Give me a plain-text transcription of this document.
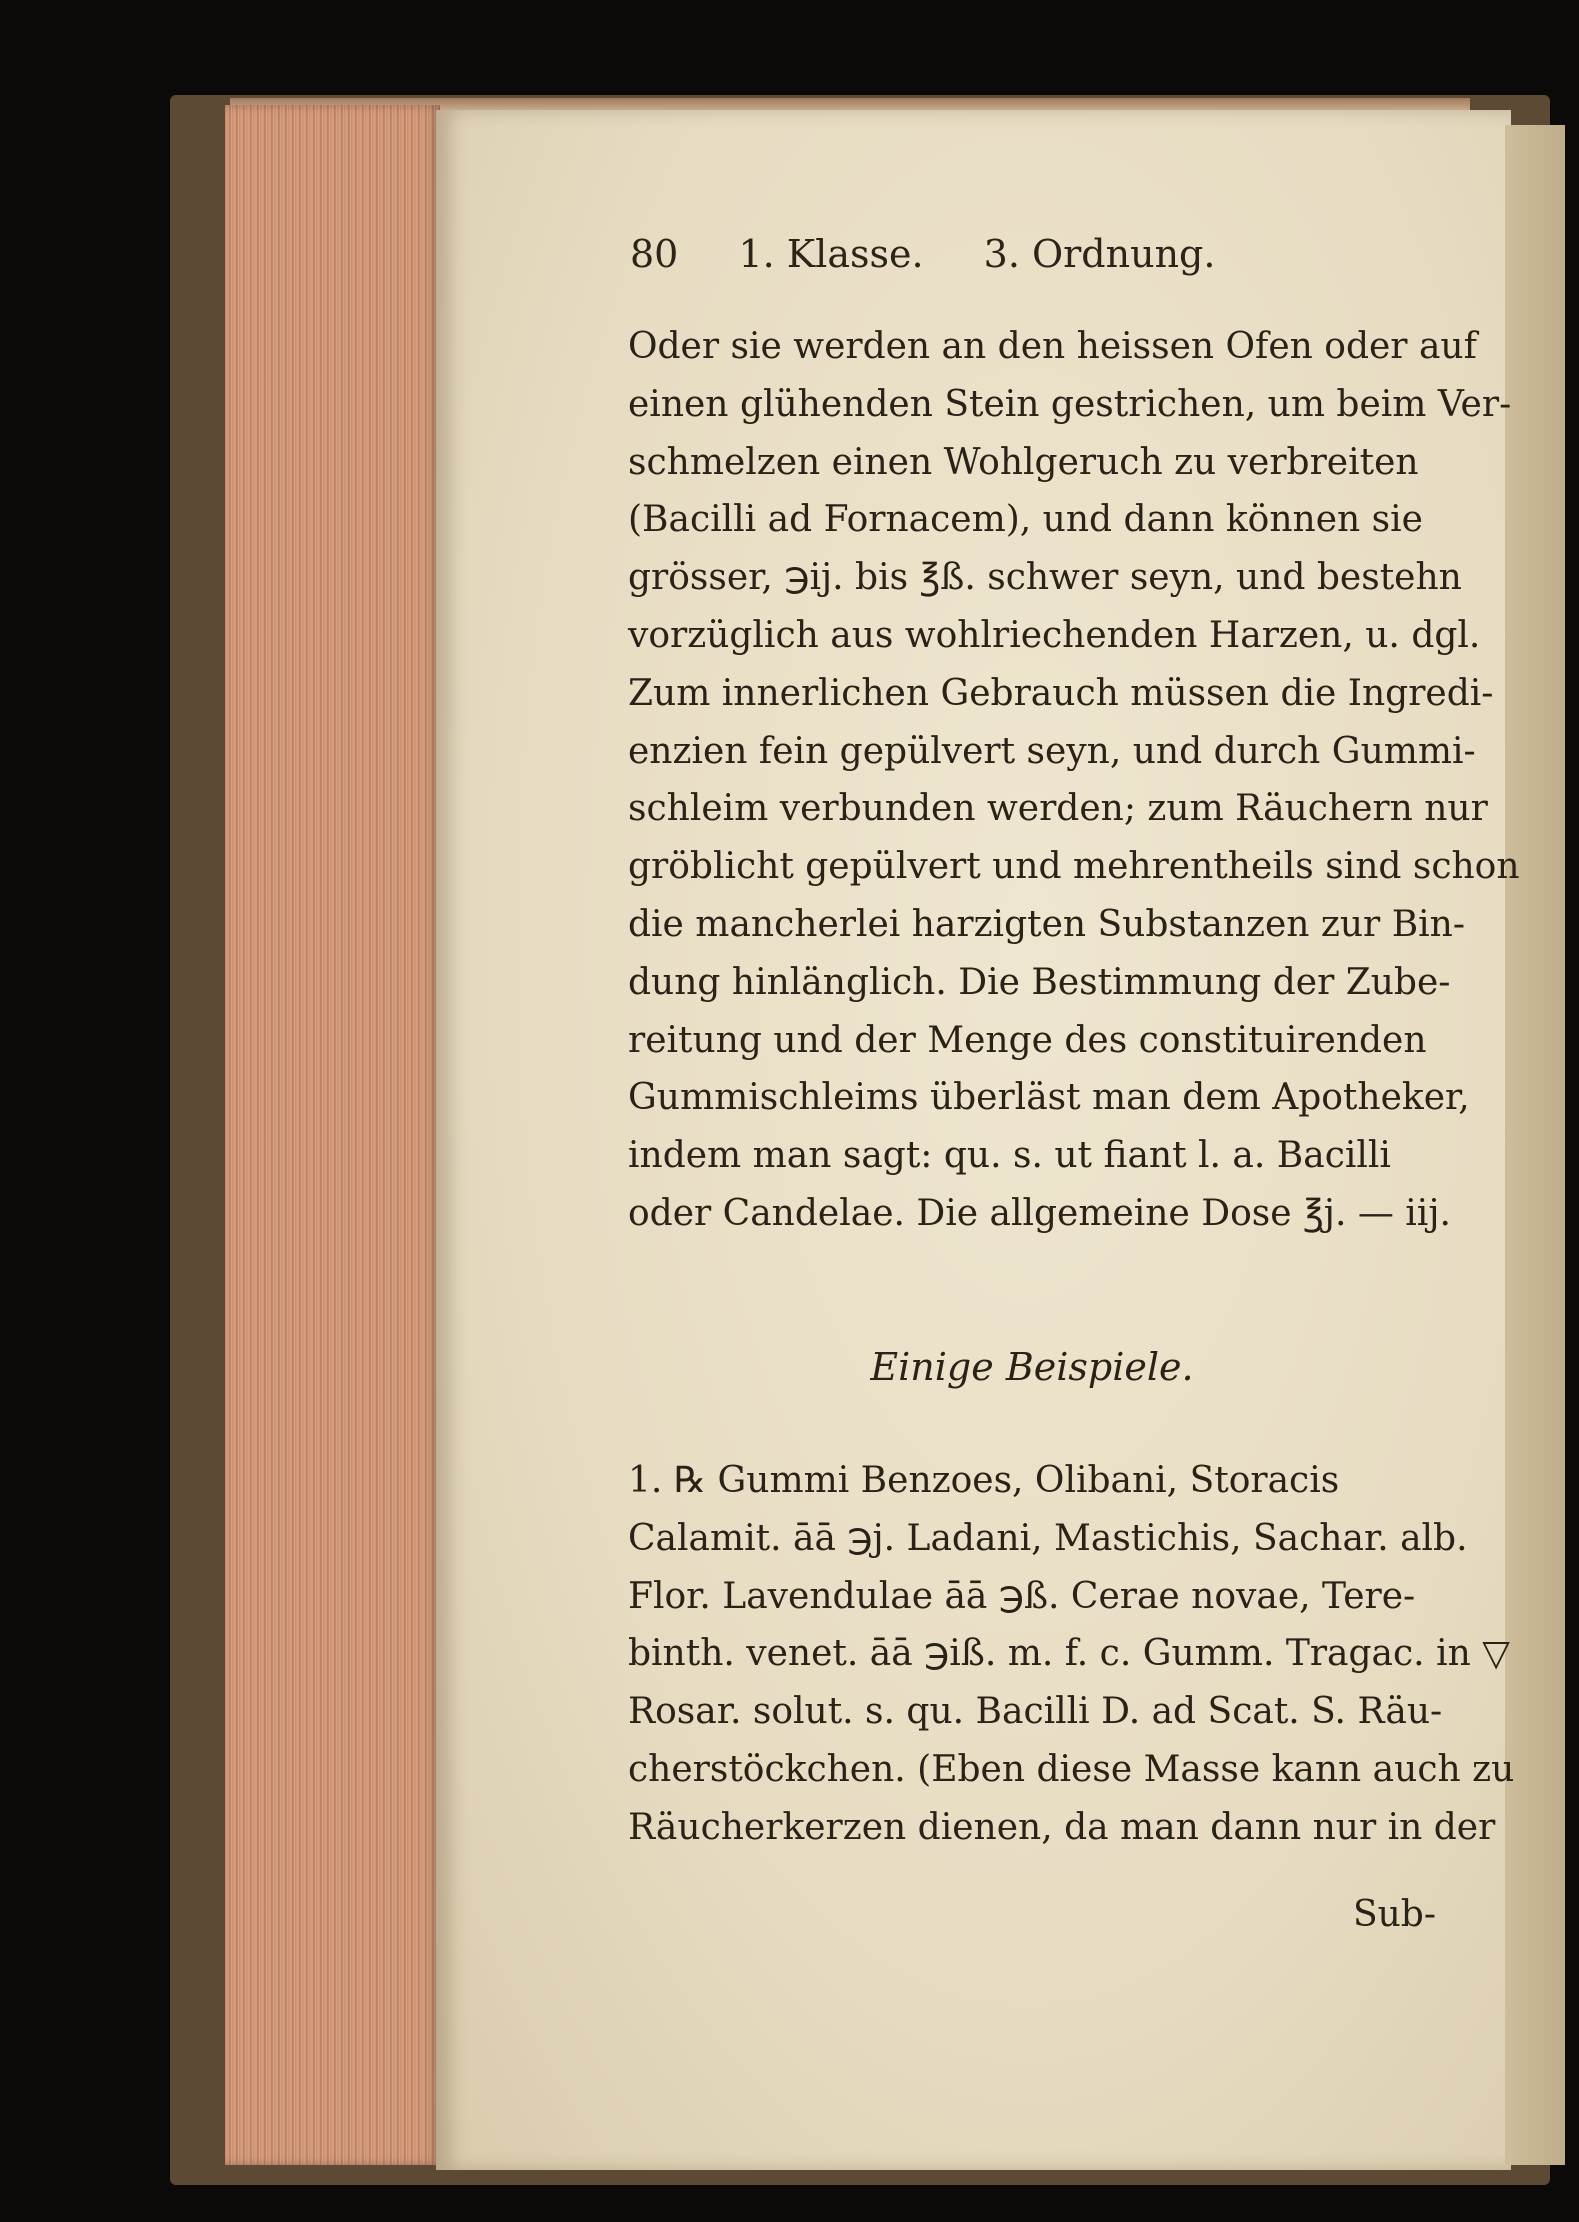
80 1. Klasse. 3. Ordnung.
Oder sie werden an den heissen Ofen oder auf
einen glühenden Stein gestrichen, um beim Ver-
schmelzen einen Wohlgeruch zu verbreiten
(Bacilli ad Fornacem), und dann können sie
grösser, ℈ij. bis ℥ß. schwer seyn, und bestehn
vorzüglich aus wohlriechenden Harzen, u. dgl.
Zum innerlichen Gebrauch müssen die Ingredi-
enzien fein gepülvert seyn, und durch Gummi-
schleim verbunden werden; zum Räuchern nur
gröblicht gepülvert und mehrentheils sind schon
die mancherlei harzigten Substanzen zur Bin-
dung hinlänglich. Die Bestimmung der Zube-
reitung und der Menge des constituirenden
Gummischleims überläst man dem Apotheker,
indem man sagt: qu. s. ut fiant l. a. Bacilli
oder Candelae. Die allgemeine Dose ℥j. — iij.
Einige Beispiele.
1. ℞ Gummi Benzoes, Olibani, Storacis
Calamit. āā ℈j. Ladani, Mastichis, Sachar. alb.
Flor. Lavendulae āā ℈ß. Cerae novae, Tere-
binth. venet. āā ℈iß. m. f. c. Gumm. Tragac. in ▽
Rosar. solut. s. qu. Bacilli D. ad Scat. S. Räu-
cherstöckchen. (Eben diese Masse kann auch zu
Räucherkerzen dienen, da man dann nur in der
Sub-
